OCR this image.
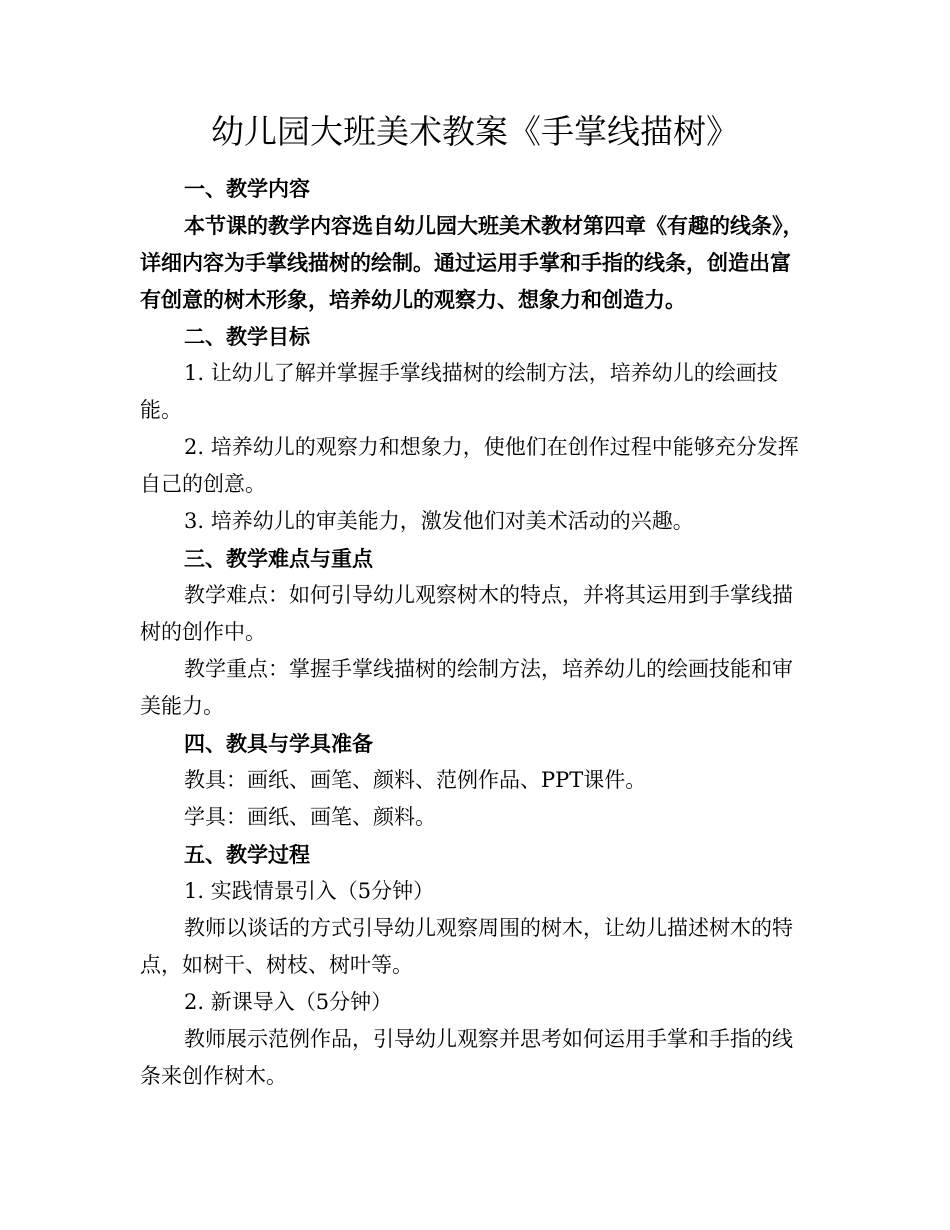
幼儿园大班美术教案《手掌线描树》

一、教学内容

本节课的教学内容选自幼儿园大班美术教材第四章《有趣的线条》，详细内容为手掌线描树的绘制。通过运用手掌和手指的线条，创造出富有创意的树木形象，培养幼儿的观察力、想象力和创造力。

二、教学目标

1. 让幼儿了解并掌握手掌线描树的绘制方法，培养幼儿的绘画技能。

2. 培养幼儿的观察力和想象力，使他们在创作过程中能够充分发挥自己的创意。

3. 培养幼儿的审美能力，激发他们对美术活动的兴趣。

三、教学难点与重点

教学难点：如何引导幼儿观察树木的特点，并将其运用到手掌线描树的创作中。

教学重点：掌握手掌线描树的绘制方法，培养幼儿的绘画技能和审美能力。

四、教具与学具准备

教具：画纸、画笔、颜料、范例作品、PPT课件。

学具：画纸、画笔、颜料。

五、教学过程

1. 实践情景引入（5分钟）

教师以谈话的方式引导幼儿观察周围的树木，让幼儿描述树木的特点，如树干、树枝、树叶等。

2. 新课导入（5分钟）

教师展示范例作品，引导幼儿观察并思考如何运用手掌和手指的线条来创作树木。
